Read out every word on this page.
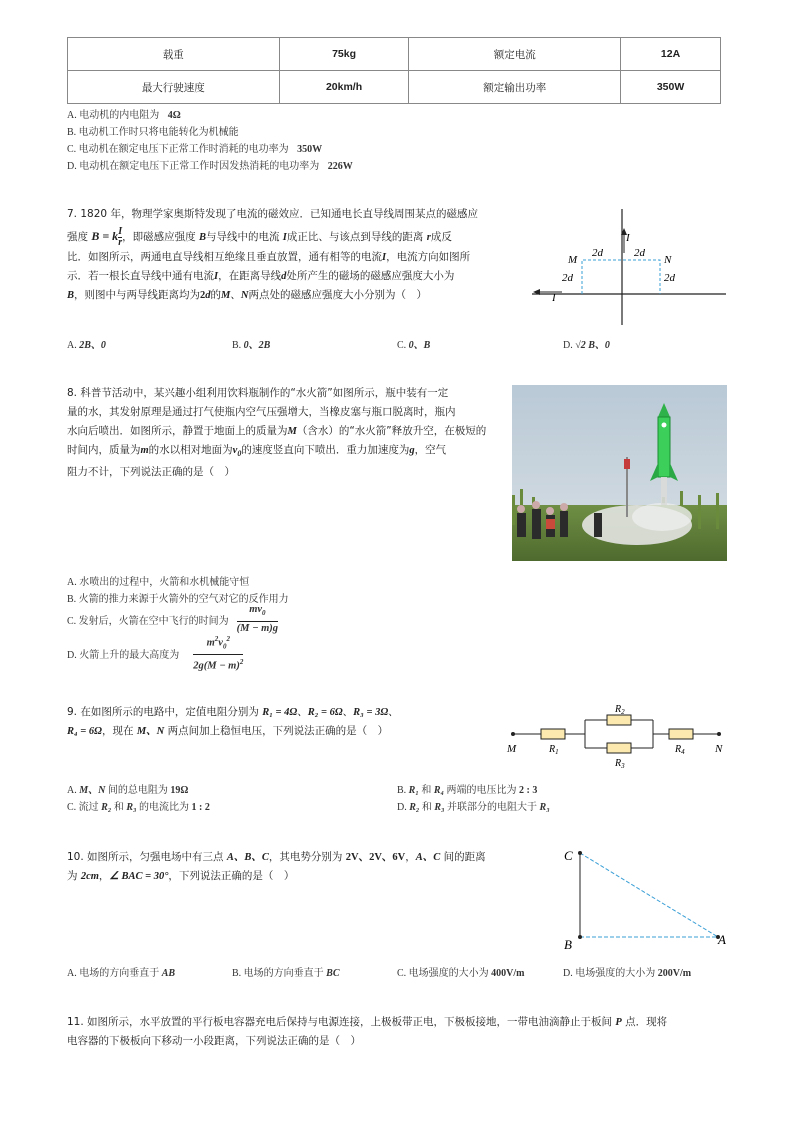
载重	75kg	额定电流	12A
最大行驶速度	20km/h	额定输出功率	350W
A. 电动机的内电阻为 4Ω
B. 电动机工作时只将电能转化为机械能
C. 电动机在额定电压下正常工作时消耗的电功率为 350W
D. 电动机在额定电压下正常工作时因发热消耗的电功率为 226W
7. 1820 年，物理学家奥斯特发现了电流的磁效应．已知通电长直导线周围某点的磁感应
强度 B = k $\frac{I}{r}$ ，即磁感应强度 B与导线中的电流 I成正比、与该点到导线的距离 r成反
比．如图所示，两通电直导线相互绝缘且垂直放置，通有相等的电流I，电流方向如图所
示．若一根长直导线中通有电流I，在距离导线d处所产生的磁场的磁感应强度大小为
B，则图中与两导线距离均为2d的M、N两点处的磁感应强度大小分别为（　）
I
I
M	N
2d	2d
2d	2d
A. 2B、0	B. 0、2B	C. 0、B	D. √2 B、0
8. 科普节活动中，某兴趣小组利用饮料瓶制作的“水火箭”如图所示，瓶中装有一定
量的水，其发射原理是通过打气使瓶内空气压强增大，当橡皮塞与瓶口脱离时，瓶内
水向后喷出．如图所示，静置于地面上的质量为M（含水）的“水火箭”释放升空，在极短的
时间内，质量为m的水以相对地面为$v_0$的速度竖直向下喷出．重力加速度为g，空气
阻力不计，下列说法正确的是（　）
A. 水喷出的过程中，火箭和水机械能守恒
B. 火箭的推力来源于火箭外的空气对它的反作用力
C. 发射后，火箭在空中飞行的时间为
$mv_0$
(M − m)g
D. 火箭上升的最大高度为
$m^2v_0^2$
$2g(M - m)^2$
9. 在如图所示的电路中，定值电阻分别为 R₁ = 4Ω、R₂ = 6Ω、R₃ = 3Ω、
R₄ = 6Ω，现在 M、N 两点间加上稳恒电压，下列说法正确的是（　）
M	N
$R_1$
$R_2$
$R_3$
$R_4$
A. M、N 间的总电阻为 19Ω	B. R₁ 和 R₄ 两端的电压比为 2 : 3
C. 流过 R₂ 和 R₃ 的电流比为 1 : 2	D. R₂ 和 R₃ 并联部分的电阻大于 R₃
10. 如图所示，匀强电场中有三点 A、B、C，其电势分别为 2V、2V、6V，A、C 间的距离
为 2cm，∠ BAC = 30°，下列说法正确的是（　）
C
B	A
A. 电场的方向垂直于 AB	B. 电场的方向垂直于 BC	C. 电场强度的大小为 400V/m	D. 电场强度的大小为 200V/m
11. 如图所示，水平放置的平行板电容器充电后保持与电源连接，上极板带正电，下极板接地，一带电油滴静止于板间 P 点．现将
电容器的下极板向下移动一小段距离，下列说法正确的是（　）
